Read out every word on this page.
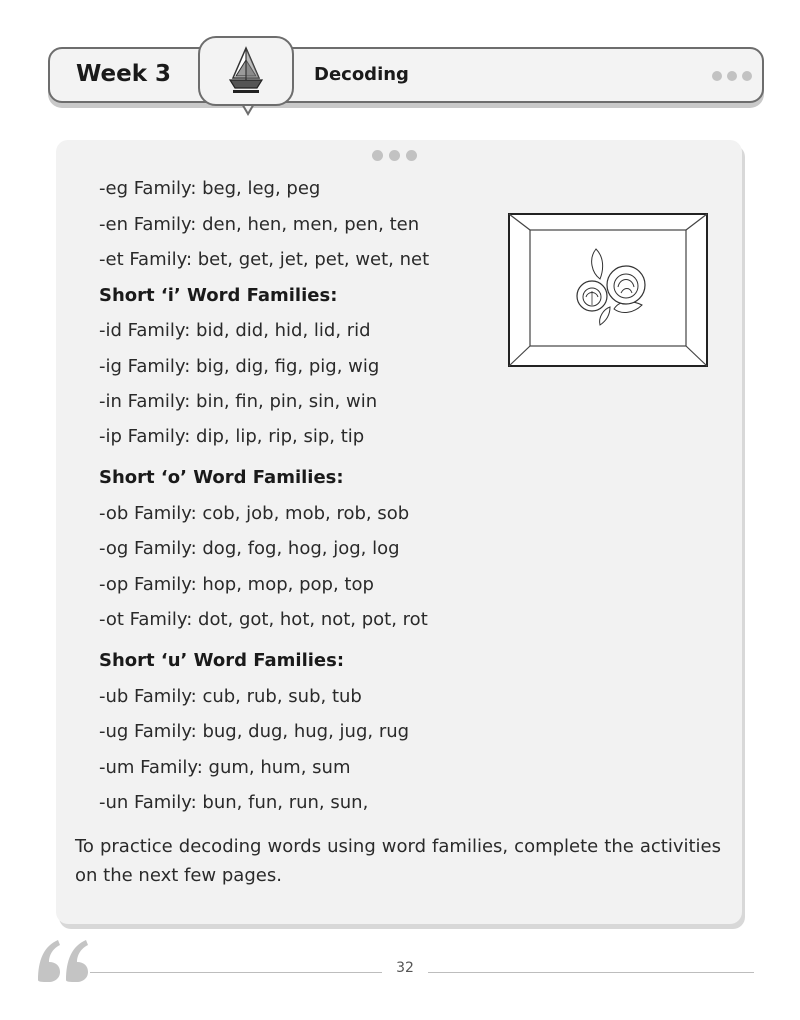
Week 3	Decoding
-eg Family: beg, leg, peg
-en Family: den, hen, men, pen, ten
-et Family: bet, get, jet, pet, wet, net
Short ‘i’ Word Families:
-id Family: bid, did, hid, lid, rid
-ig Family: big, dig, fig, pig, wig
-in Family: bin, fin, pin, sin, win
-ip Family: dip, lip, rip, sip, tip
Short ‘o’ Word Families:
-ob Family: cob, job, mob, rob, sob
-og Family: dog, fog, hog, jog, log
-op Family: hop, mop, pop, top
-ot Family: dot, got, hot, not, pot, rot
Short ‘u’ Word Families:
-ub Family: cub, rub, sub, tub
-ug Family: bug, dug, hug, jug, rug
-um Family: gum, hum, sum
-un Family: bun, fun, run, sun,

To practice decoding words using word families, complete the activities on the next few pages.

32
